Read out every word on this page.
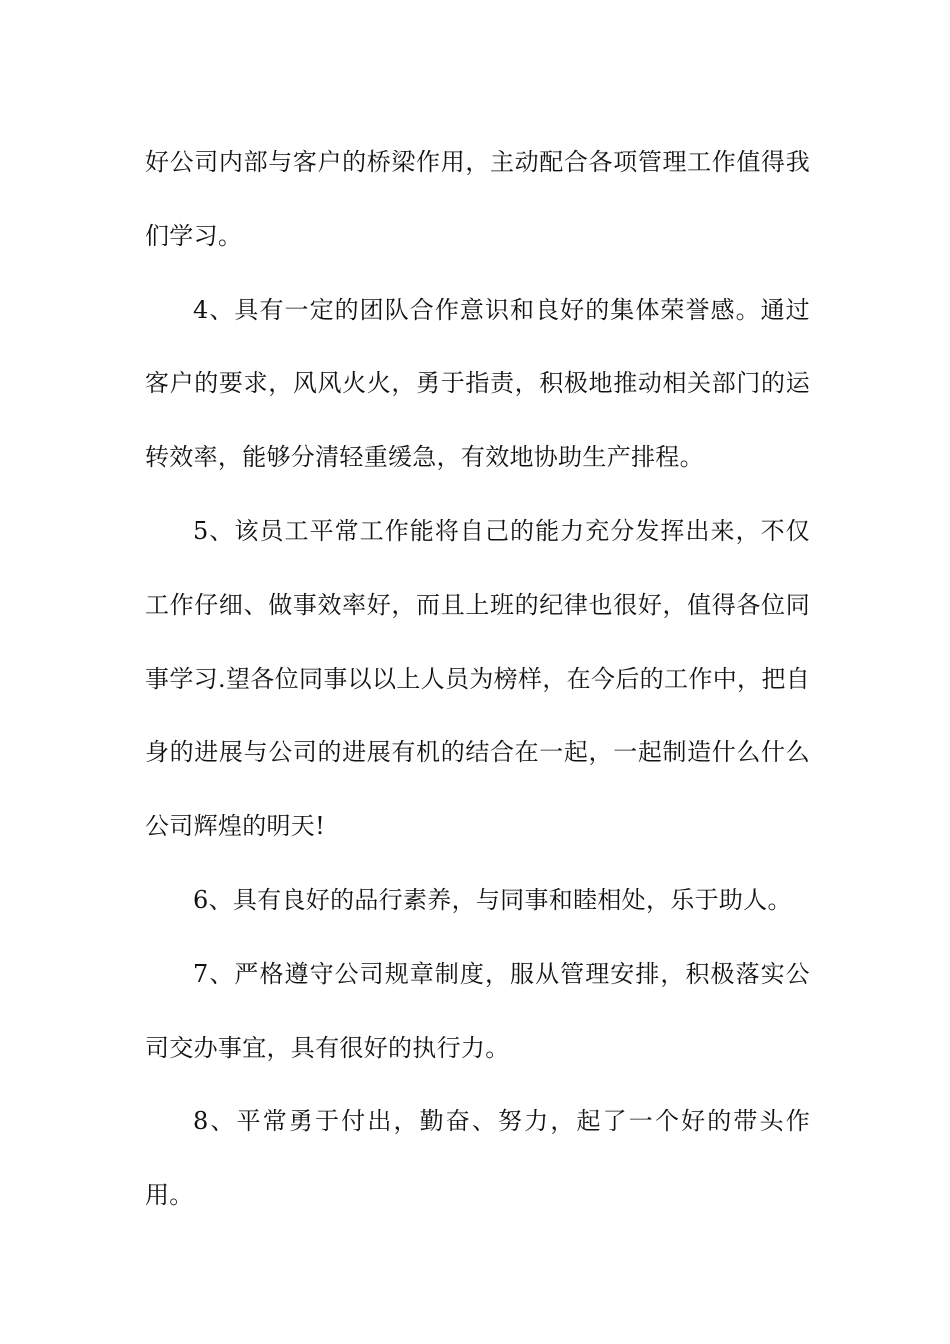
好公司内部与客户的桥梁作用，主动配合各项管理工作值得我们学习。

4、具有一定的团队合作意识和良好的集体荣誉感。通过客户的要求，风风火火，勇于指责，积极地推动相关部门的运转效率，能够分清轻重缓急，有效地协助生产排程。

5、该员工平常工作能将自己的能力充分发挥出来，不仅工作仔细、做事效率好，而且上班的纪律也很好，值得各位同事学习.望各位同事以以上人员为榜样，在今后的工作中，把自身的进展与公司的进展有机的结合在一起，一起制造什么什么公司辉煌的明天!

6、具有良好的品行素养，与同事和睦相处，乐于助人。

7、严格遵守公司规章制度，服从管理安排，积极落实公司交办事宜，具有很好的执行力。

8、平常勇于付出，勤奋、努力，起了一个好的带头作用。
